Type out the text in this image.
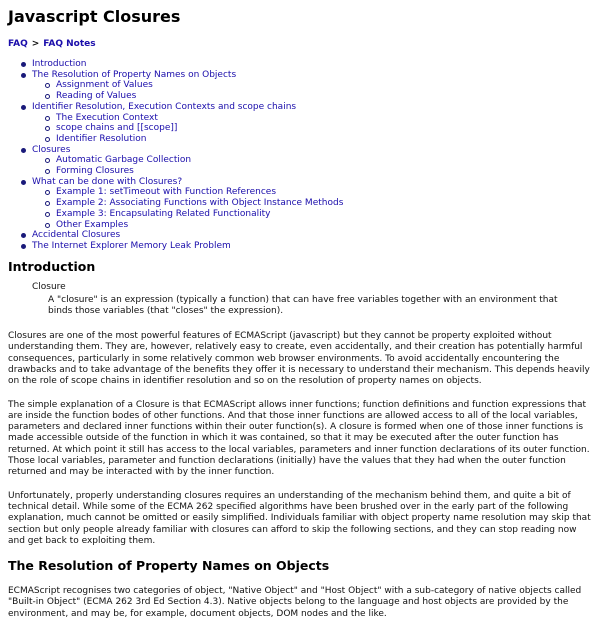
Javascript Closures
FAQ > FAQ Notes
Introduction
The Resolution of Property Names on Objects
Assignment of Values
Reading of Values
Identifier Resolution, Execution Contexts and scope chains
The Execution Context
scope chains and [[scope]]
Identifier Resolution
Closures
Automatic Garbage Collection
Forming Closures
What can be done with Closures?
Example 1: setTimeout with Function References
Example 2: Associating Functions with Object Instance Methods
Example 3: Encapsulating Related Functionality
Other Examples
Accidental Closures
The Internet Explorer Memory Leak Problem
Introduction
Closure
A "closure" is an expression (typically a function) that can have free variables together with an environment that binds those variables (that "closes" the expression).

Closures are one of the most powerful features of ECMAScript (javascript) but they cannot be property exploited without understanding them. They are, however, relatively easy to create, even accidentally, and their creation has potentially harmful consequences, particularly in some relatively common web browser environments. To avoid accidentally encountering the drawbacks and to take advantage of the benefits they offer it is necessary to understand their mechanism. This depends heavily on the role of scope chains in identifier resolution and so on the resolution of property names on objects.

The simple explanation of a Closure is that ECMAScript allows inner functions; function definitions and function expressions that are inside the function bodes of other functions. And that those inner functions are allowed access to all of the local variables, parameters and declared inner functions within their outer function(s). A closure is formed when one of those inner functions is made accessible outside of the function in which it was contained, so that it may be executed after the outer function has returned. At which point it still has access to the local variables, parameters and inner function declarations of its outer function. Those local variables, parameter and function declarations (initially) have the values that they had when the outer function returned and may be interacted with by the inner function.

Unfortunately, properly understanding closures requires an understanding of the mechanism behind them, and quite a bit of technical detail. While some of the ECMA 262 specified algorithms have been brushed over in the early part of the following explanation, much cannot be omitted or easily simplified. Individuals familiar with object property name resolution may skip that section but only people already familiar with closures can afford to skip the following sections, and they can stop reading now and get back to exploiting them.

The Resolution of Property Names on Objects

ECMAScript recognises two categories of object, "Native Object" and "Host Object" with a sub-category of native objects called "Built-in Object" (ECMA 262 3rd Ed Section 4.3). Native objects belong to the language and host objects are provided by the environment, and may be, for example, document objects, DOM nodes and the like.
